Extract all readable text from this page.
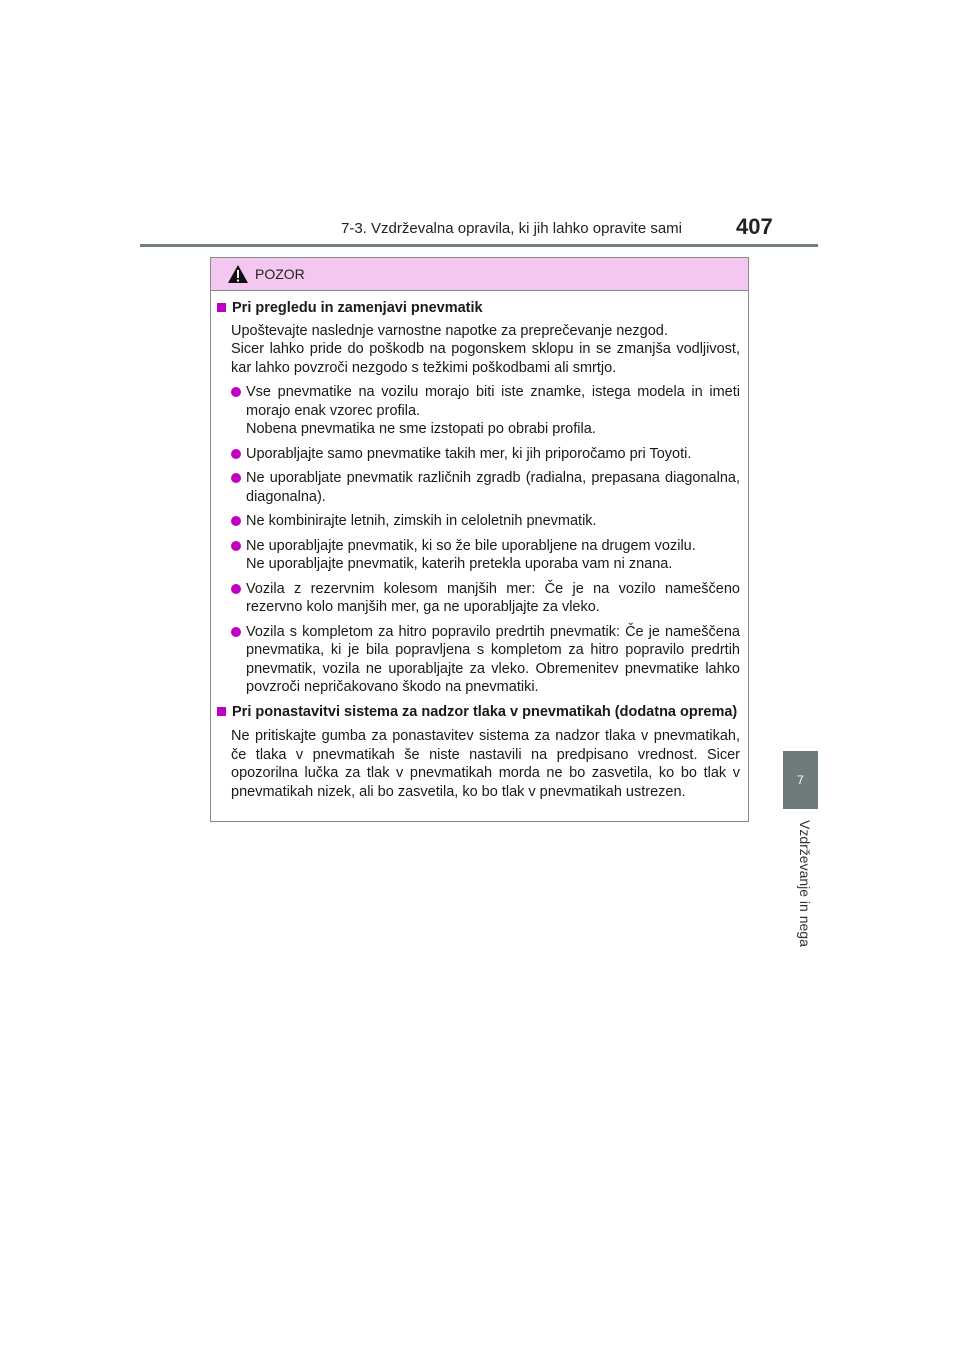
7-3. Vzdrževalna opravila, ki jih lahko opravite sami 407
7
Vzdrževanje in nega
POZOR
Pri pregledu in zamenjavi pnevmatik

Upoštevajte naslednje varnostne napotke za preprečevanje nezgod.

Sicer lahko pride do poškodb na pogonskem sklopu in se zmanjša vodljivost, kar lahko povzroči nezgodo s težkimi poškodbami ali smrtjo.

Vse pnevmatike na vozilu morajo biti iste znamke, istega modela in imeti morajo enak vzorec profila.

Nobena pnevmatika ne sme izstopati po obrabi profila.

Uporabljajte samo pnevmatike takih mer, ki jih priporočamo pri Toyoti.

Ne uporabljate pnevmatik različnih zgradb (radialna, prepasana diagonalna, diagonalna).

Ne kombinirajte letnih, zimskih in celoletnih pnevmatik.

Ne uporabljajte pnevmatik, ki so že bile uporabljene na drugem vozilu.

Ne uporabljajte pnevmatik, katerih pretekla uporaba vam ni znana.

Vozila z rezervnim kolesom manjših mer: Če je na vozilo nameščeno rezervno kolo manjših mer, ga ne uporabljajte za vleko.

Vozila s kompletom za hitro popravilo predrtih pnevmatik: Če je nameščena pnevmatika, ki je bila popravljena s kompletom za hitro popravilo predrtih pnevmatik, vozila ne uporabljajte za vleko. Obremenitev pnevmatike lahko povzroči nepričakovano škodo na pnevmatiki.

Pri ponastavitvi sistema za nadzor tlaka v pnevmatikah (dodatna oprema)
Ne pritiskajte gumba za ponastavitev sistema za nadzor tlaka v pnevmatikah, če tlaka v pnevmatikah še niste nastavili na predpisano vrednost. Sicer opozorilna lučka za tlak v pnevmatikah morda ne bo zasvetila, ko bo tlak v pnevmatikah nizek, ali bo zasvetila, ko bo tlak v pnevmatikah ustrezen.
